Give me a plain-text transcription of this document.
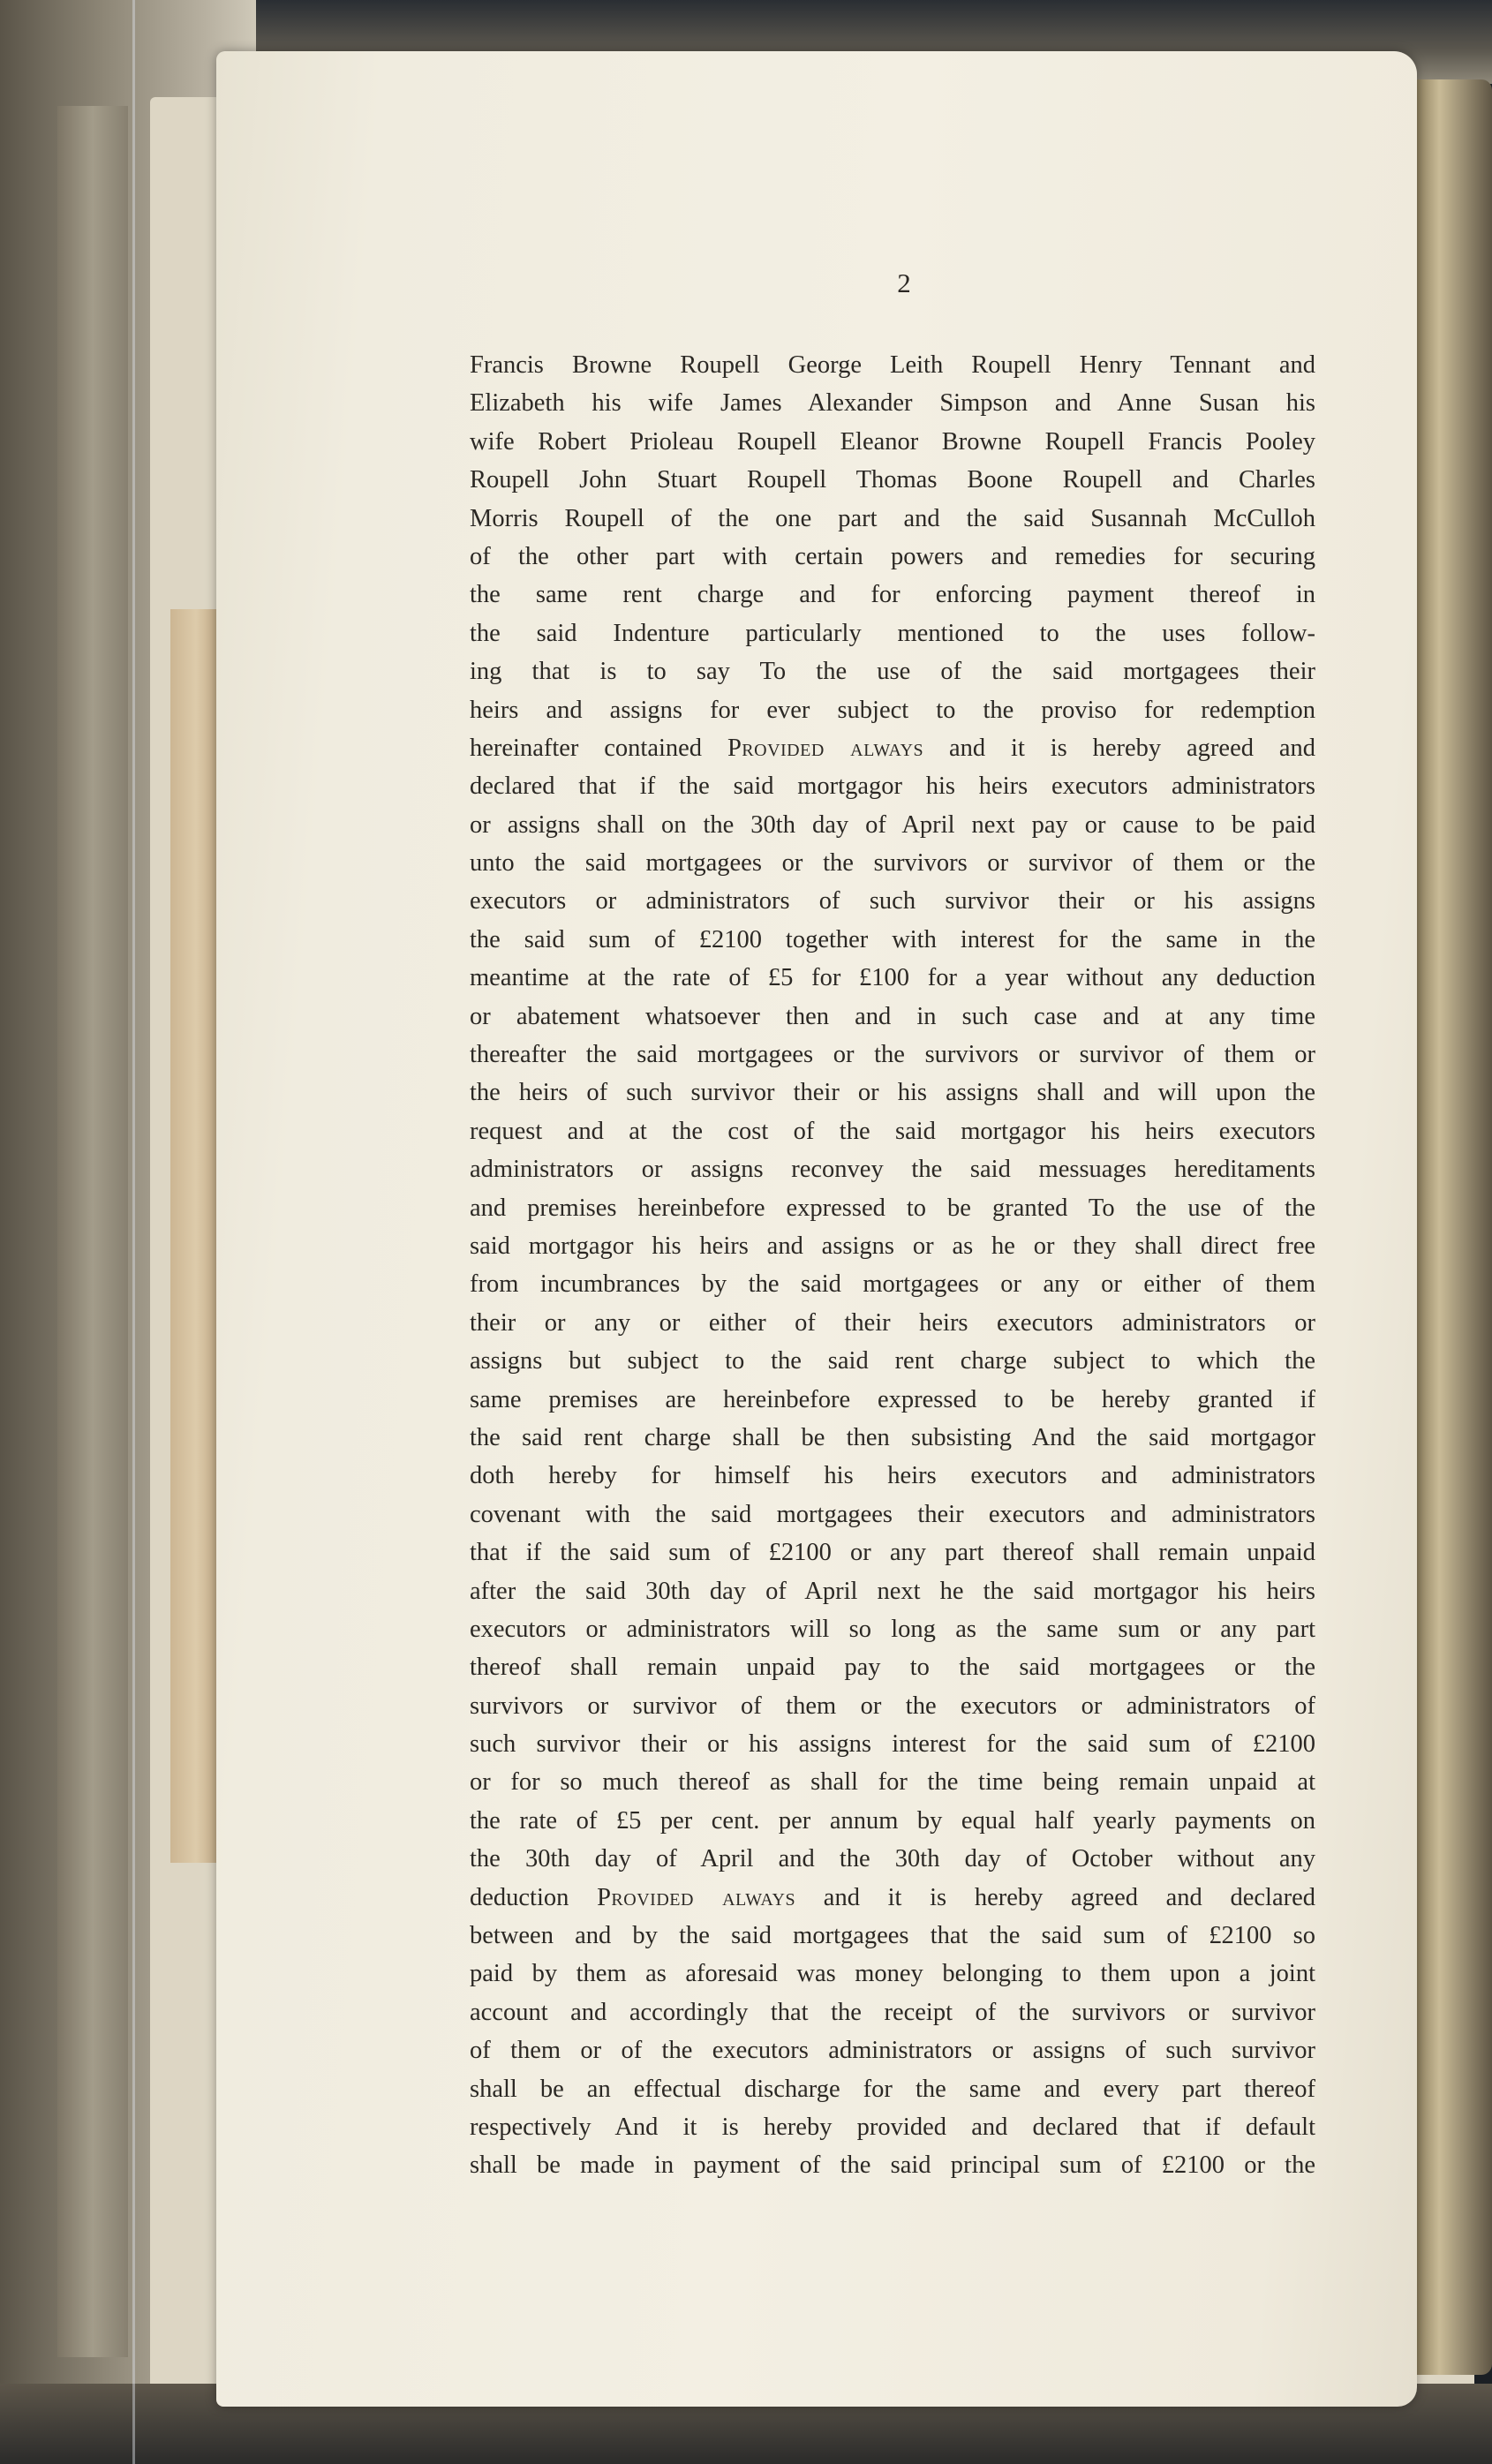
2
Francis Browne Roupell George Leith Roupell Henry Tennant and
Elizabeth his wife James Alexander Simpson and Anne Susan his
wife Robert Prioleau Roupell Eleanor Browne Roupell Francis Pooley
Roupell John Stuart Roupell Thomas Boone Roupell and Charles
Morris Roupell of the one part and the said Susannah McCulloh
of the other part with certain powers and remedies for securing
the same rent charge and for enforcing payment thereof in
the said Indenture particularly mentioned to the uses follow-
ing that is to say To the use of the said mortgagees their
heirs and assigns for ever subject to the proviso for redemption
hereinafter contained Provided always and it is hereby agreed and
declared that if the said mortgagor his heirs executors administrators
or assigns shall on the 30th day of April next pay or cause to be paid
unto the said mortgagees or the survivors or survivor of them or the
executors or administrators of such survivor their or his assigns
the said sum of £2100 together with interest for the same in the
meantime at the rate of £5 for £100 for a year without any deduction
or abatement whatsoever then and in such case and at any time
thereafter the said mortgagees or the survivors or survivor of them or
the heirs of such survivor their or his assigns shall and will upon the
request and at the cost of the said mortgagor his heirs executors
administrators or assigns reconvey the said messuages hereditaments
and premises hereinbefore expressed to be granted To the use of the
said mortgagor his heirs and assigns or as he or they shall direct free
from incumbrances by the said mortgagees or any or either of them
their or any or either of their heirs executors administrators or
assigns but subject to the said rent charge subject to which the
same premises are hereinbefore expressed to be hereby granted if
the said rent charge shall be then subsisting And the said mortgagor
doth hereby for himself his heirs executors and administrators
covenant with the said mortgagees their executors and administrators
that if the said sum of £2100 or any part thereof shall remain unpaid
after the said 30th day of April next he the said mortgagor his heirs
executors or administrators will so long as the same sum or any part
thereof shall remain unpaid pay to the said mortgagees or the
survivors or survivor of them or the executors or administrators of
such survivor their or his assigns interest for the said sum of £2100
or for so much thereof as shall for the time being remain unpaid at
the rate of £5 per cent. per annum by equal half yearly payments on
the 30th day of April and the 30th day of October without any
deduction Provided always and it is hereby agreed and declared
between and by the said mortgagees that the said sum of £2100 so
paid by them as aforesaid was money belonging to them upon a joint
account and accordingly that the receipt of the survivors or survivor
of them or of the executors administrators or assigns of such survivor
shall be an effectual discharge for the same and every part thereof
respectively And it is hereby provided and declared that if default
shall be made in payment of the said principal sum of £2100 or the
